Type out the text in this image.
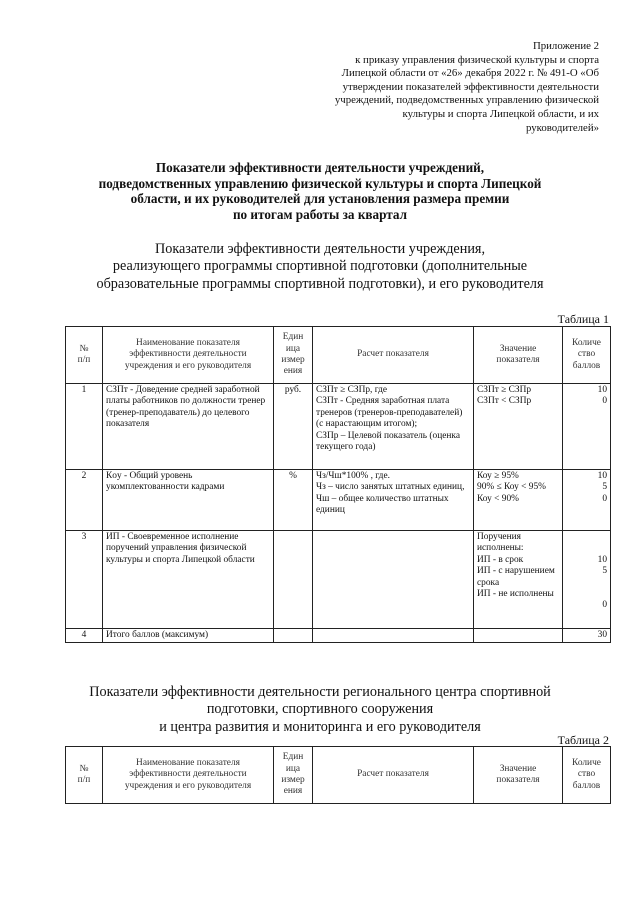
Приложение 2
к приказу управления физической культуры и спорта
Липецкой области от «26» декабря 2022 г. № 491-О «Об
утверждении показателей эффективности деятельности
учреждений, подведомственных управлению физической
культуры и спорта Липецкой области, и их
руководителей»
Показатели эффективности деятельности учреждений,
подведомственных управлению физической культуры и спорта Липецкой
области, и их руководителей для установления размера премии
по итогам работы за квартал
Показатели эффективности деятельности учреждения,
реализующего программы спортивной подготовки (дополнительные
образовательные программы спортивной подготовки), и его руководителя
Таблица 1
№
п/п	Наименование показателя
эффективности деятельности
учреждения и его руководителя	Един
ица
измер
ения	Расчет показателя	Значение
показателя	Количе
ство
баллов
1	СЗПт - Доведение средней заработной платы работников по должности тренер (тренер-преподаватель) до целевого показателя	руб.	СЗПт ≥ СЗПр, где
СЗПт - Средняя заработная плата тренеров (тренеров-преподавателей) (с нарастающим итогом);
СЗПр – Целевой показатель (оценка текущего года)	СЗПт ≥ СЗПр
СЗПт < СЗПр	10
0
2	Кoy - Общий уровень укомплектованности кадрами	%	Чз/Чш*100% , где.
Чз – число занятых штатных единиц,
Чш – общее количество штатных единиц	Коу ≥ 95%
90% ≤ Коу < 95%
Коу < 90%	10
5
0
3	ИП - Своевременное исполнение поручений управления физической культуры и спорта Липецкой области			Поручения исполнены:
ИП - в срок
ИП - с нарушением срока
ИП - не исполнены	

10
5

0
4	Итого баллов (максимум)				30
Показатели эффективности деятельности регионального центра спортивной
подготовки, спортивного сооружения
и центра развития и мониторинга и его руководителя
Таблица 2
№
п/п	Наименование показателя
эффективности деятельности
учреждения и его руководителя	Един
ица
измер
ения	Расчет показателя	Значение
показателя	Количе
ство
баллов
